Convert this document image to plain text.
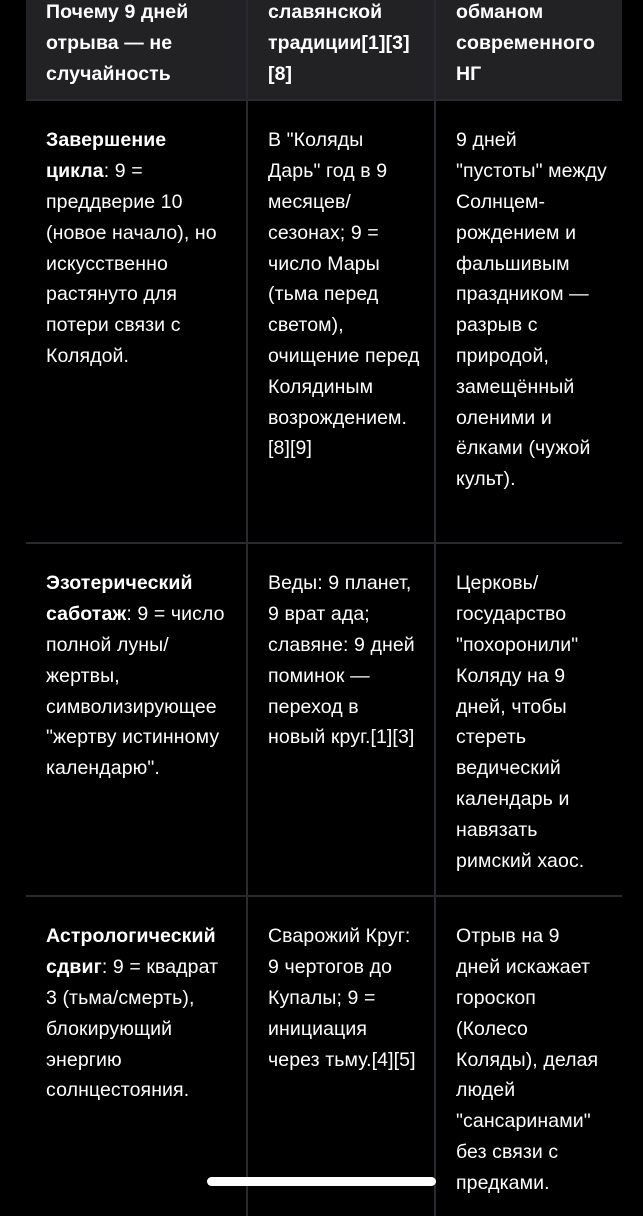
Почему 9 дней отрыва — не случайность	славянской традиции[1][3][8]	обманом современного НГ
Завершение цикла: 9 = преддверие 10 (новое начало), но искусственно растянуто для потери связи с Колядой.	В "Коляды Дарь" год в 9 месяцев/сезонах; 9 = число Мары (тьма перед светом), очищение перед Колядиным возрождением.[8][9]	9 дней "пустоты" между Солнцем-рождением и фальшивым праздником — разрыв с природой, замещённый оленими и ёлками (чужой культ).
Эзотерический саботаж: 9 = число полной луны/жертвы, символизирующее "жертву истинному календарю".	Веды: 9 планет, 9 врат ада; славяне: 9 дней поминок — переход в новый круг.[1][3]	Церковь/государство "похоронили" Коляду на 9 дней, чтобы стереть ведический календарь и навязать римский хаос.
Астрологический сдвиг: 9 = квадрат 3 (тьма/смерть), блокирующий энергию солнцестояния.	Сварожий Круг: 9 чертогов до Купалы; 9 = инициация через тьму.[4][5]	Отрыв на 9 дней искажает гороскоп (Колесо Коляды), делая людей "сансаринами" без связи с предками.
